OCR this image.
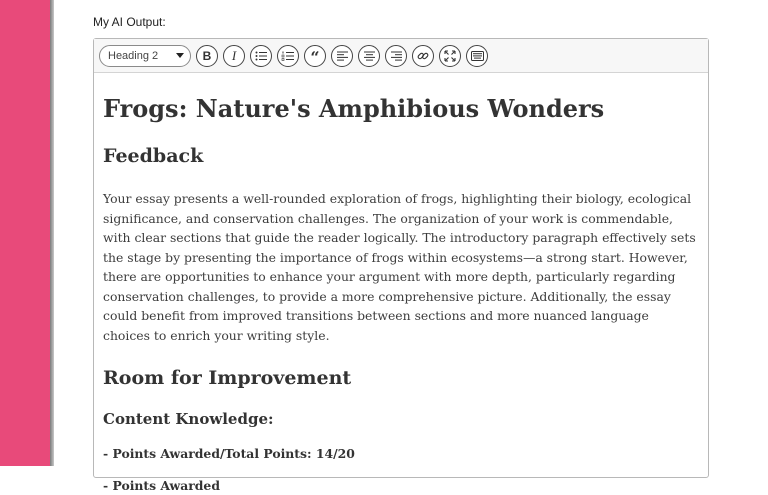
My AI Output:
Heading 2	B I	“
Frogs: Nature's Amphibious Wonders
Feedback

Your essay presents a well-rounded exploration of frogs, highlighting their biology, ecological significance, and conservation challenges. The organization of your work is commendable, with clear sections that guide the reader logically. The introductory paragraph effectively sets the stage by presenting the importance of frogs within ecosystems—a strong start. However, there are opportunities to enhance your argument with more depth, particularly regarding conservation challenges, to provide a more comprehensive picture. Additionally, the essay could benefit from improved transitions between sections and more nuanced language choices to enrich your writing style.

Room for Improvement
Content Knowledge:
- Points Awarded/Total Points: 14/20
- Points Awarded
